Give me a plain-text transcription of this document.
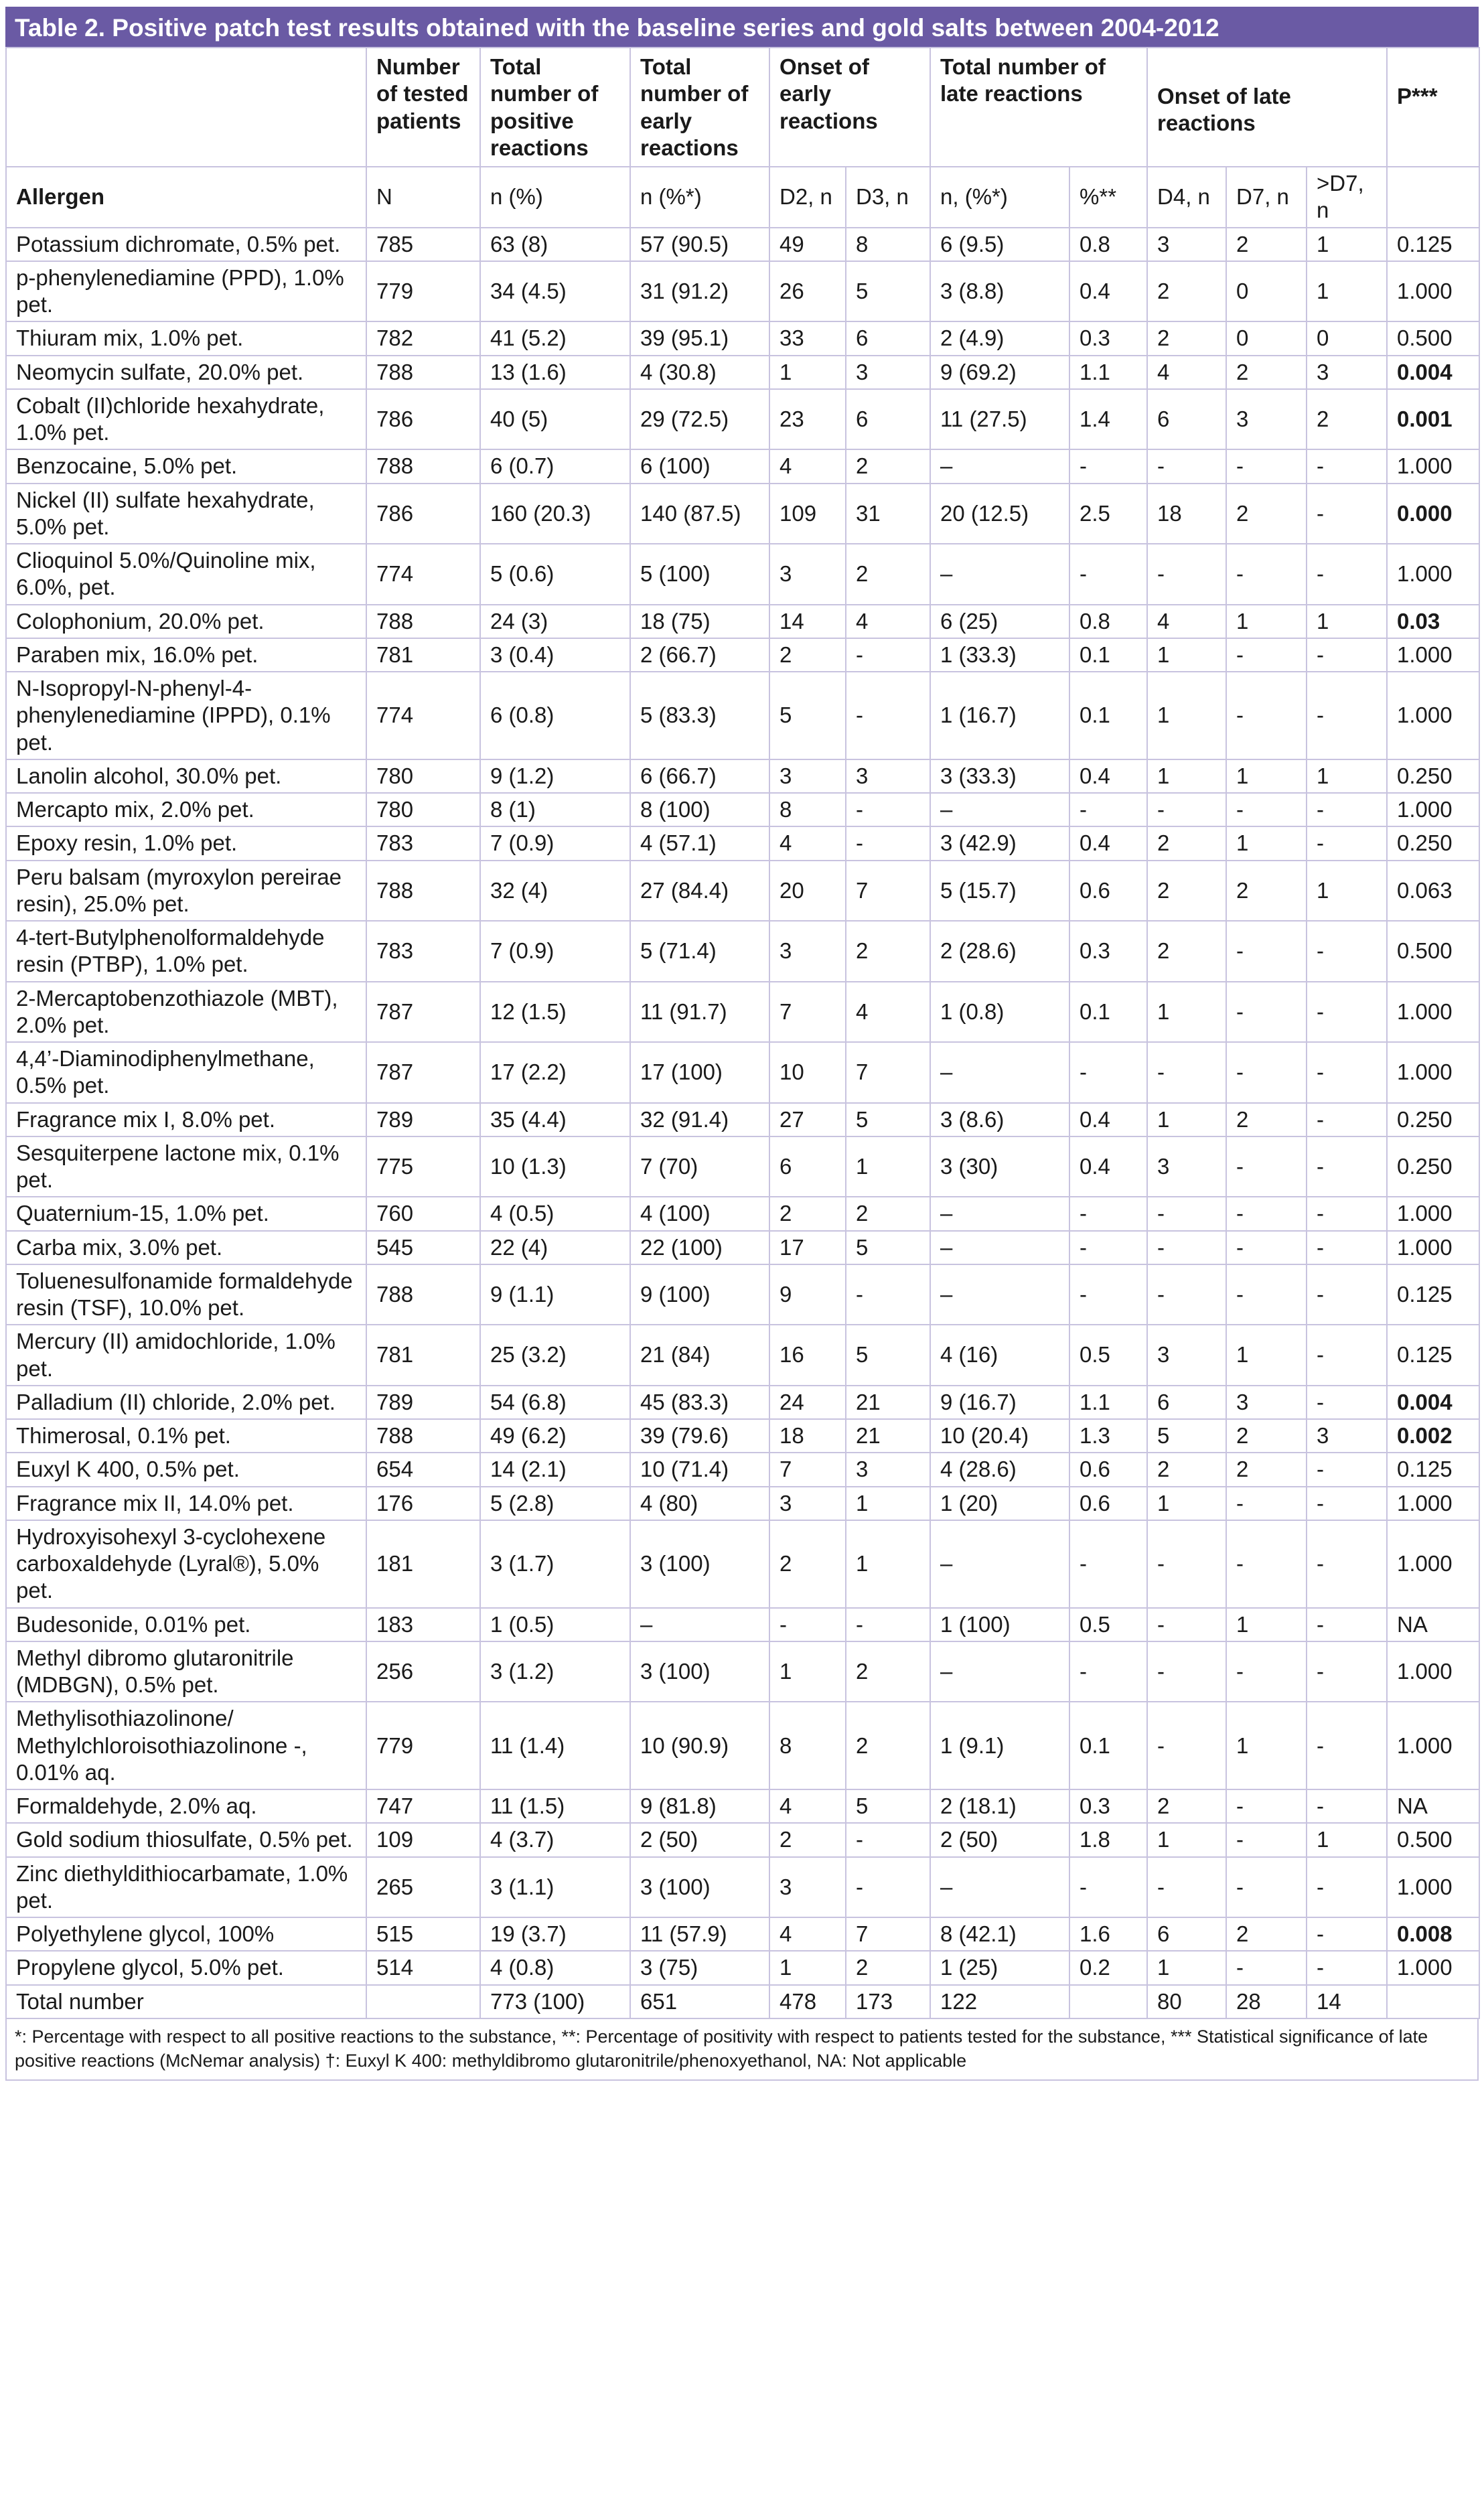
Table 2. Positive patch test results obtained with the baseline series and gold salts between 2004-2012
	Number of tested patients	Total number of positive reactions	Total number of early reactions	Onset of early reactions		Total number of late reactions		Onset of late reactions			P***
Allergen	N	n (%)	n (%*)	D2, n	D3, n	n, (%*)	%**	D4, n	D7, n	>D7, n	
Potassium dichromate, 0.5% pet.	785	63 (8)	57 (90.5)	49	8	6 (9.5)	0.8	3	2	1	0.125
p-phenylenediamine (PPD), 1.0% pet.	779	34 (4.5)	31 (91.2)	26	5	3 (8.8)	0.4	2	0	1	1.000
Thiuram mix, 1.0% pet.	782	41 (5.2)	39 (95.1)	33	6	2 (4.9)	0.3	2	0	0	0.500
Neomycin sulfate, 20.0% pet.	788	13 (1.6)	4 (30.8)	1	3	9 (69.2)	1.1	4	2	3	0.004
Cobalt (II)chloride hexahydrate, 1.0% pet.	786	40 (5)	29 (72.5)	23	6	11 (27.5)	1.4	6	3	2	0.001
Benzocaine, 5.0% pet.	788	6 (0.7)	6 (100)	4	2	–	-	-	-	-	1.000
Nickel (II) sulfate hexahydrate, 5.0% pet.	786	160 (20.3)	140 (87.5)	109	31	20 (12.5)	2.5	18	2	-	0.000
Clioquinol 5.0%/Quinoline mix, 6.0%, pet.	774	5 (0.6)	5 (100)	3	2	–	-	-	-	-	1.000
Colophonium, 20.0% pet.	788	24 (3)	18 (75)	14	4	6 (25)	0.8	4	1	1	0.03
Paraben mix, 16.0% pet.	781	3 (0.4)	2 (66.7)	2	-	1 (33.3)	0.1	1	-	-	1.000
N-Isopropyl-N-phenyl-4-phenylenediamine (IPPD), 0.1% pet.	774	6 (0.8)	5 (83.3)	5	-	1 (16.7)	0.1	1	-	-	1.000
Lanolin alcohol, 30.0% pet.	780	9 (1.2)	6 (66.7)	3	3	3 (33.3)	0.4	1	1	1	0.250
Mercapto mix, 2.0% pet.	780	8 (1)	8 (100)	8	-	–	-	-	-	-	1.000
Epoxy resin, 1.0% pet.	783	7 (0.9)	4 (57.1)	4	-	3 (42.9)	0.4	2	1	-	0.250
Peru balsam (myroxylon pereirae resin), 25.0% pet.	788	32 (4)	27 (84.4)	20	7	5 (15.7)	0.6	2	2	1	0.063
4-tert-Butylphenolformaldehyde resin (PTBP), 1.0% pet.	783	7 (0.9)	5 (71.4)	3	2	2 (28.6)	0.3	2	-	-	0.500
2-Mercaptobenzothiazole (MBT), 2.0% pet.	787	12 (1.5)	11 (91.7)	7	4	1 (0.8)	0.1	1	-	-	1.000
4,4’-Diaminodiphenylmethane, 0.5% pet.	787	17 (2.2)	17 (100)	10	7	–	-	-	-	-	1.000
Fragrance mix I, 8.0% pet.	789	35 (4.4)	32 (91.4)	27	5	3 (8.6)	0.4	1	2	-	0.250
Sesquiterpene lactone mix, 0.1% pet.	775	10 (1.3)	7 (70)	6	1	3 (30)	0.4	3	-	-	0.250
Quaternium-15, 1.0% pet.	760	4 (0.5)	4 (100)	2	2	–	-	-	-	-	1.000
Carba mix, 3.0% pet.	545	22 (4)	22 (100)	17	5	–	-	-	-	-	1.000
Toluenesulfonamide formaldehyde resin (TSF), 10.0% pet.	788	9 (1.1)	9 (100)	9	-	–	-	-	-	-	0.125
Mercury (II) amidochloride, 1.0% pet.	781	25 (3.2)	21 (84)	16	5	4 (16)	0.5	3	1	-	0.125
Palladium (II) chloride, 2.0% pet.	789	54 (6.8)	45 (83.3)	24	21	9 (16.7)	1.1	6	3	-	0.004
Thimerosal, 0.1% pet.	788	49 (6.2)	39 (79.6)	18	21	10 (20.4)	1.3	5	2	3	0.002
Euxyl K 400, 0.5% pet.	654	14 (2.1)	10 (71.4)	7	3	4 (28.6)	0.6	2	2	-	0.125
Fragrance mix II, 14.0% pet.	176	5 (2.8)	4 (80)	3	1	1 (20)	0.6	1	-	-	1.000
Hydroxyisohexyl 3-cyclohexene carboxaldehyde (Lyral®), 5.0% pet.	181	3 (1.7)	3 (100)	2	1	–	-	-	-	-	1.000
Budesonide, 0.01% pet.	183	1 (0.5)	–	-	-	1 (100)	0.5	-	1	-	NA
Methyl dibromo glutaronitrile (MDBGN), 0.5% pet.	256	3 (1.2)	3 (100)	1	2	–	-	-	-	-	1.000
Methylisothiazolinone/ Methylchloroisothiazolinone -, 0.01% aq.	779	11 (1.4)	10 (90.9)	8	2	1 (9.1)	0.1	-	1	-	1.000
Formaldehyde, 2.0% aq.	747	11 (1.5)	9 (81.8)	4	5	2 (18.1)	0.3	2	-	-	NA
Gold sodium thiosulfate, 0.5% pet.	109	4 (3.7)	2 (50)	2	-	2 (50)	1.8	1	-	1	0.500
Zinc diethyldithiocarbamate, 1.0% pet.	265	3 (1.1)	3 (100)	3	-	–	-	-	-	-	1.000
Polyethylene glycol, 100%	515	19 (3.7)	11 (57.9)	4	7	8 (42.1)	1.6	6	2	-	0.008
Propylene glycol, 5.0% pet.	514	4 (0.8)	3 (75)	1	2	1 (25)	0.2	1	-	-	1.000
Total number		773 (100)	651	478	173	122		80	28	14	
*: Percentage with respect to all positive reactions to the substance, **: Percentage of positivity with respect to patients tested for the substance, *** Statistical significance of late positive reactions (McNemar analysis) †: Euxyl K 400: methyldibromo glutaronitrile/phenoxyethanol, NA: Not applicable
